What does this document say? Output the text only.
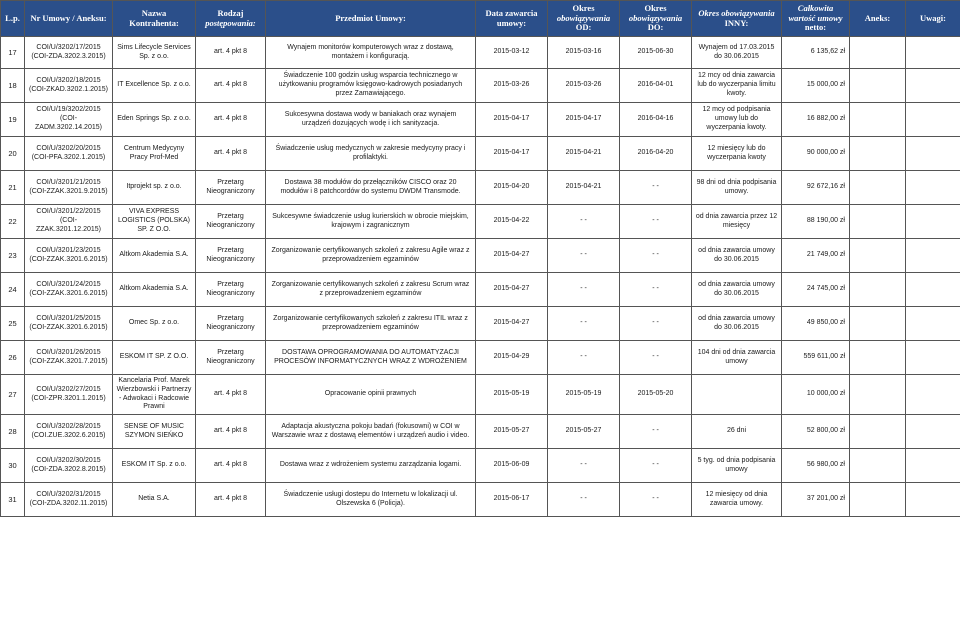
L.p.	Nr Umowy / Aneksu:	Nazwa Kontrahenta:	Rodzaj
postępowania:	Przedmiot Umowy:	Data zawarcia
umowy:	Okres
obowiązywania
OD:	Okres
obowiązywania
DO:	Okres obowiązywania
INNY:	Całkowita
wartość umowy
netto:	Aneks:	Uwagi:
17	COI/U/3202/17/2015 (COI-ZDA.3202.3.2015)	Sims Lifecycle Services Sp. z o.o.	art. 4 pkt 8	Wynajem monitorów komputerowych wraz z dostawą, montażem i konfiguracją.	2015-03-12	2015-03-16	2015-06-30	Wynajem od 17.03.2015 do 30.06.2015	6 135,62 zł		
18	COI/U/3202/18/2015 (COI-ZKAD.3202.1.2015)	IT Excellence Sp. z o.o.	art. 4 pkt 8	Świadczenie 100 godzin usług wsparcia technicznego w użytkowaniu programów księgowo-kadrowych posiadanych przez Zamawiającego.	2015-03-26	2015-03-26	2016-04-01	12 mcy od dnia zawarcia lub do wyczerpania limitu kwoty.	15 000,00 zł		
19	COI/U/19/3202/2015 (COI-ZADM.3202.14.2015)	Eden Springs Sp. z o.o.	art. 4 pkt 8	Sukcesywna dostawa wody w baniakach oraz wynajem urządzeń dozujących wodę i ich sanityzacja.	2015-04-17	2015-04-17	2016-04-16	12 mcy od podpisania umowy lub do wyczerpania kwoty.	16 882,00 zł		
20	COI/U/3202/20/2015 (COI-PFA.3202.1.2015)	Centrum Medycyny Pracy Prof-Med	art. 4 pkt 8	Świadczenie usług medycznych w zakresie medycyny pracy i profilaktyki.	2015-04-17	2015-04-21	2016-04-20	12 miesięcy lub do wyczerpania kwoty	90 000,00 zł		
21	COI/U/3201/21/2015 (COI-ZZAK.3201.9.2015)	Itprojekt sp. z o.o.	Przetarg Nieograniczony	Dostawa 38 modułów do przełączników CISCO oraz 20 modułów i 8 patchcordów do systemu DWDM Transmode.	2015-04-20	2015-04-21	- -	98 dni od dnia podpisania umowy.	92 672,16 zł		
22	COI/U/3201/22/2015 (COI-ZZAK.3201.12.2015)	VIVA EXPRESS LOGISTICS (POLSKA) SP. Z O.O.	Przetarg Nieograniczony	Sukcesywne świadczenie usług kurierskich w obrocie miejskim, krajowym i zagranicznym	2015-04-22	- -	- -	od dnia zawarcia przez 12 miesięcy	88 190,00 zł		
23	COI/U/3201/23/2015 (COI-ZZAK.3201.6.2015)	Altkom Akademia S.A.	Przetarg Nieograniczony	Zorganizowanie certyfikowanych szkoleń z zakresu Agile wraz z przeprowadzeniem egzaminów	2015-04-27	- -	- -	od dnia zawarcia umowy do 30.06.2015	21 749,00 zł		
24	COI/U/3201/24/2015 (COI-ZZAK.3201.6.2015)	Altkom Akademia S.A.	Przetarg Nieograniczony	Zorganizowanie certyfikowanych szkoleń z zakresu Scrum wraz z przeprowadzeniem egzaminów	2015-04-27	- -	- -	od dnia zawarcia umowy do 30.06.2015	24 745,00 zł		
25	COI/U/3201/25/2015 (COI-ZZAK.3201.6.2015)	Omec Sp. z o.o.	Przetarg Nieograniczony	Zorganizowanie certyfikowanych szkoleń z zakresu ITIL wraz z przeprowadzeniem egzaminów	2015-04-27	- -	- -	od dnia zawarcia umowy do 30.06.2015	49 850,00 zł		
26	COI/U/3201/26/2015 (COI-ZZAK.3201.7.2015)	ESKOM IT SP. Z O.O.	Przetarg Nieograniczony	DOSTAWA OPROGRAMOWANIA DO AUTOMATYZACJI PROCESÓW INFORMATYCZNYCH WRAZ Z WDROŻENIEM	2015-04-29	- -	- -	104 dni od dnia zawarcia umowy	559 611,00 zł		
27	COI/U/3202/27/2015 (COI-ZPR.3201.1.2015)	Kancelaria Prof. Marek Wierzbowski i Partnerzy - Adwokaci i Radcowie Prawni	art. 4 pkt 8	Opracowanie opinii prawnych	2015-05-19	2015-05-19	2015-05-20		10 000,00 zł		
28	COI/U/3202/28/2015 (COI.ZUE.3202.6.2015)	SENSE OF MUSIC SZYMON SIEŃKO	art. 4 pkt 8	Adaptacja akustyczna pokoju badań (fokusowni) w COI w Warszawie wraz z dostawą elementów i urządzeń audio i video.	2015-05-27	2015-05-27	- -	26 dni	52 800,00 zł		
30	COI/U/3202/30/2015 (COI-ZDA.3202.8.2015)	ESKOM IT Sp. z o.o.	art. 4 pkt 8	Dostawa wraz z wdrożeniem systemu zarządzania logami.	2015-06-09	- -	- -	5 tyg. od dnia podpisania umowy	56 980,00 zł		
31	COI/U/3202/31/2015 (COI-ZDA.3202.11.2015)	Netia S.A.	art. 4 pkt 8	Świadczenie usługi dostepu do Internetu w lokalizacji ul. Olszewska 6 (Policja).	2015-06-17	- -	- -	12 miesięcy od dnia zawarcia umowy.	37 201,00 zł		
